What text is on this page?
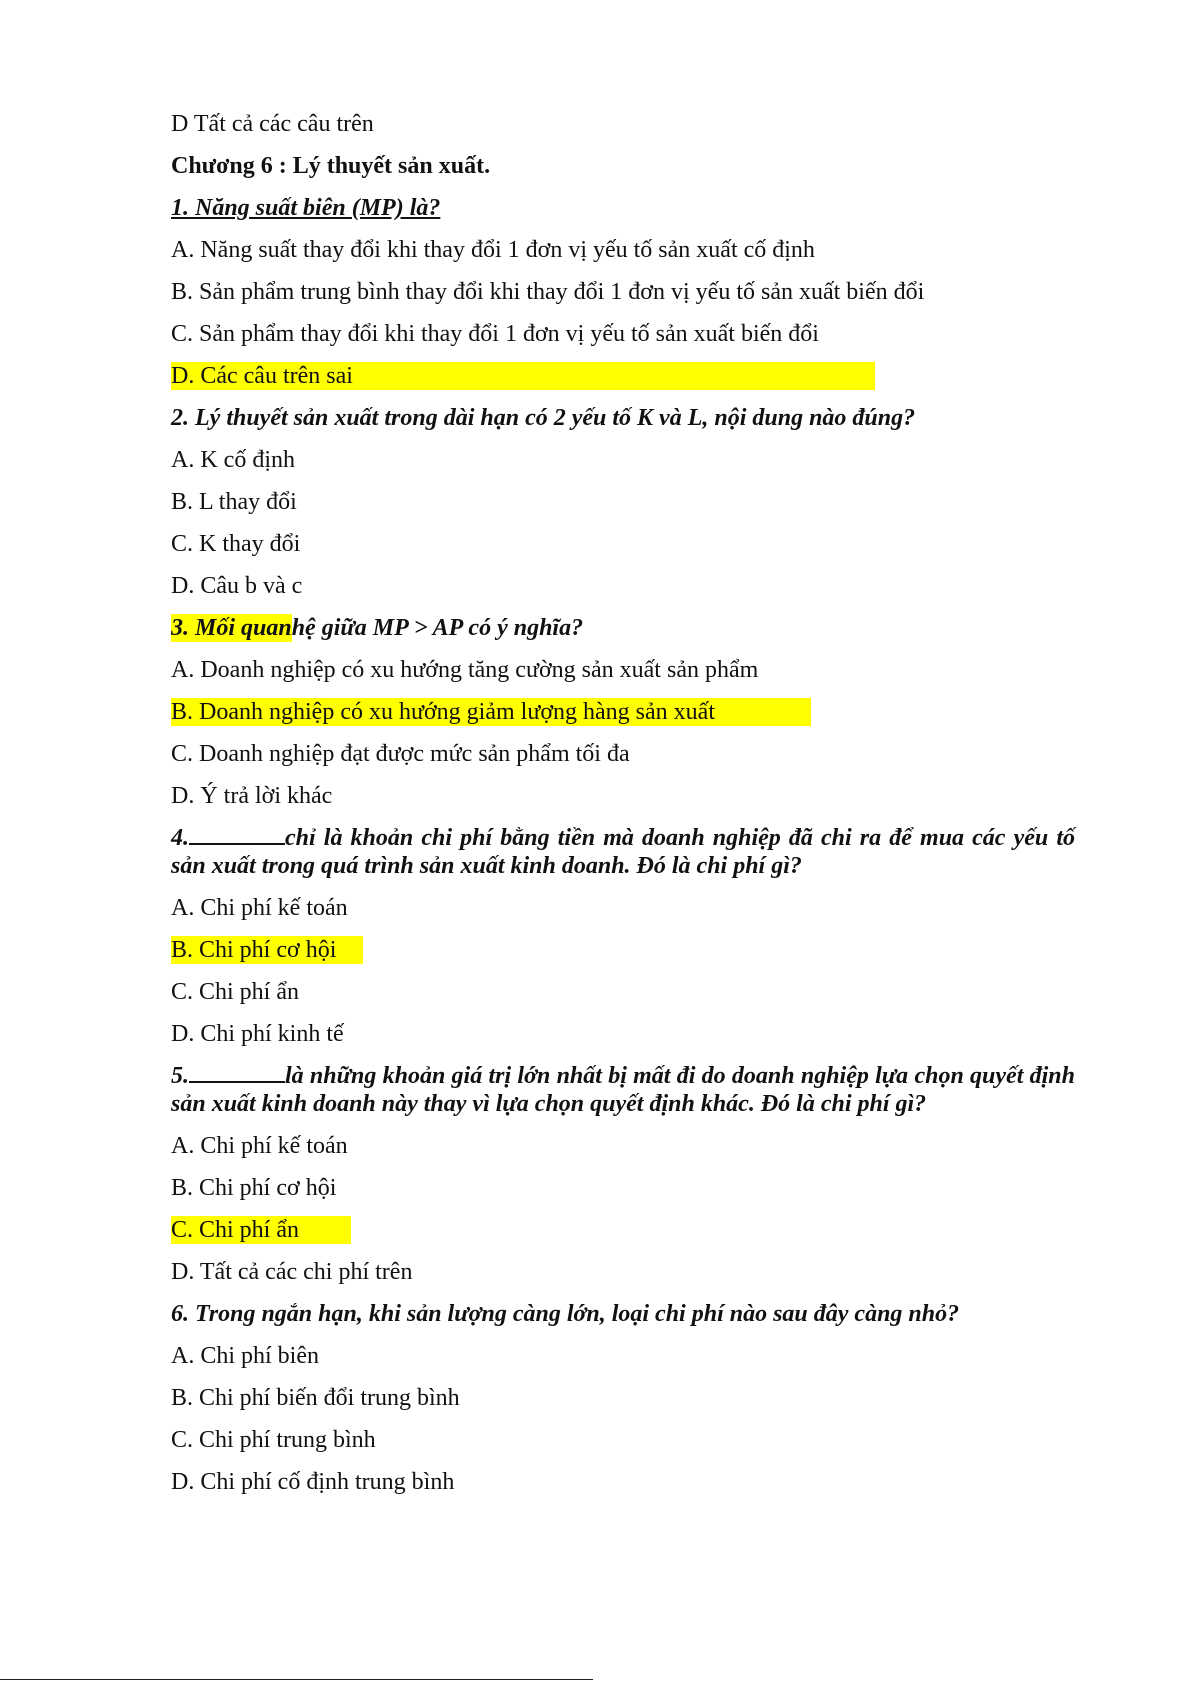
D Tất cả các câu trên
Chương 6 : Lý thuyết sản xuất.
1. Năng suất biên (MP) là?
A. Năng suất thay đổi khi thay đổi 1 đơn vị yếu tố sản xuất cố định
B. Sản phẩm trung bình thay đổi khi thay đổi 1 đơn vị yếu tố sản xuất biến đổi
C. Sản phẩm thay đổi khi thay đổi 1 đơn vị yếu tố sản xuất biến đổi
D. Các câu trên sai
2. Lý thuyết sản xuất trong dài hạn có 2 yếu tố K và L, nội dung nào đúng?
A. K cố định
B. L thay đổi
C. K thay đổi
D. Câu b và c
3. Mối quanhệ giữa MP > AP có ý nghĩa?
A. Doanh nghiệp có xu hướng tăng cường sản xuất sản phẩm
B. Doanh nghiệp có xu hướng giảm lượng hàng sản xuất
C. Doanh nghiệp đạt được mức sản phẩm tối đa
D. Ý trả lời khác
4.	chỉ là khoản chi phí bằng tiền mà doanh nghiệp đã chi ra để mua các yếu tố sản xuất trong quá trình sản xuất kinh doanh. Đó là chi phí gì?
A. Chi phí kế toán
B. Chi phí cơ hội
C. Chi phí ẩn
D. Chi phí kinh tế
5.	là những khoản giá trị lớn nhất bị mất đi do doanh nghiệp lựa chọn quyết định sản xuất kinh doanh này thay vì lựa chọn quyết định khác. Đó là chi phí gì?
A. Chi phí kế toán
B. Chi phí cơ hội
C. Chi phí ẩn
D. Tất cả các chi phí trên
6. Trong ngắn hạn, khi sản lượng càng lớn, loại chi phí nào sau đây càng nhỏ?
A. Chi phí biên
B. Chi phí biến đổi trung bình
C. Chi phí trung bình
D. Chi phí cố định trung bình
